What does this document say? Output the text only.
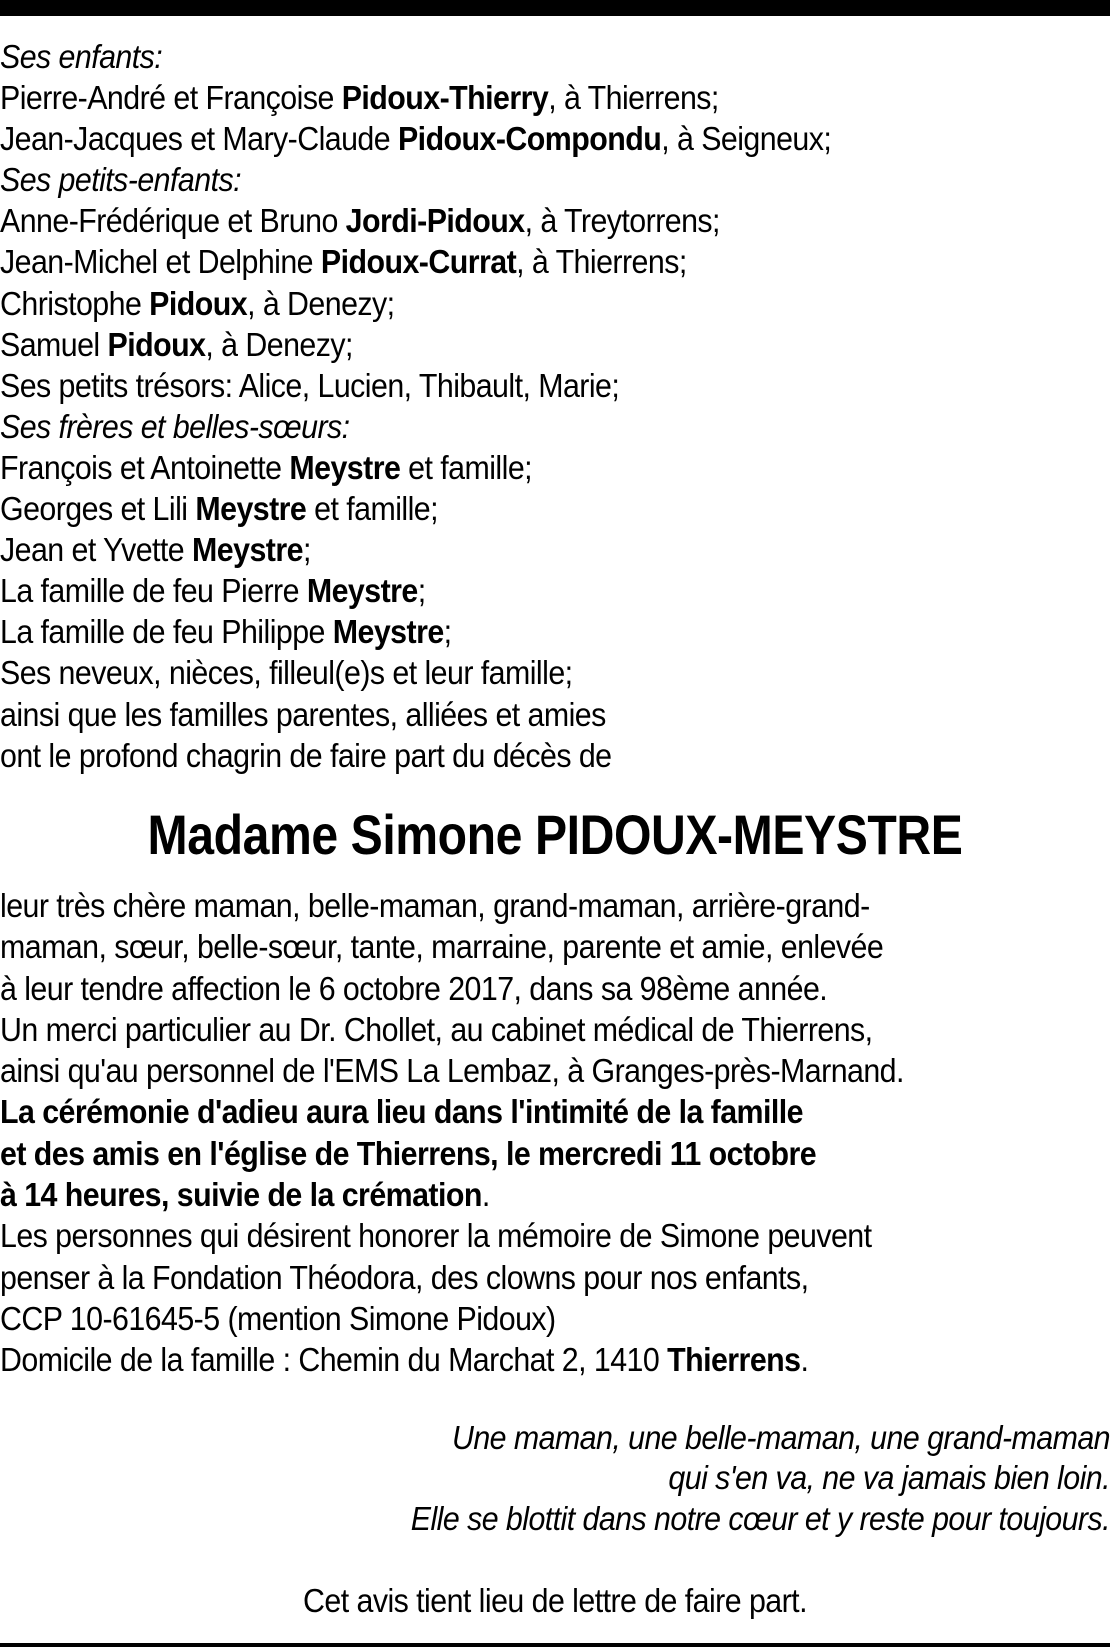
Ses enfants:
Pierre-André et Françoise Pidoux-Thierry, à Thierrens;
Jean-Jacques et Mary-Claude Pidoux-Compondu, à Seigneux;
Ses petits-enfants:
Anne-Frédérique et Bruno Jordi-Pidoux, à Treytorrens;
Jean-Michel et Delphine Pidoux-Currat, à Thierrens;
Christophe Pidoux, à Denezy;
Samuel Pidoux, à Denezy;
Ses petits trésors: Alice, Lucien, Thibault, Marie;
Ses frères et belles-sœurs:
François et Antoinette Meystre et famille;
Georges et Lili Meystre et famille;
Jean et Yvette Meystre;
La famille de feu Pierre Meystre;
La famille de feu Philippe Meystre;
Ses neveux, nièces, filleul(e)s et leur famille;
ainsi que les familles parentes, alliées et amies
ont le profond chagrin de faire part du décès de
Madame Simone PIDOUX-MEYSTRE
leur très chère maman, belle-maman, grand-maman, arrière-grand-
maman, sœur, belle-sœur, tante, marraine, parente et amie, enlevée
à leur tendre affection le 6 octobre 2017, dans sa 98ème année.
Un merci particulier au Dr. Chollet, au cabinet médical de Thierrens,
ainsi qu'au personnel de l'EMS La Lembaz, à Granges-près-Marnand.
La cérémonie d'adieu aura lieu dans l'intimité de la famille
et des amis en l'église de Thierrens, le mercredi 11 octobre
à 14 heures, suivie de la crémation.
Les personnes qui désirent honorer la mémoire de Simone peuvent
penser à la Fondation Théodora, des clowns pour nos enfants,
CCP 10-61645-5 (mention Simone Pidoux)
Domicile de la famille : Chemin du Marchat 2, 1410 Thierrens.
Une maman, une belle-maman, une grand-maman
qui s'en va, ne va jamais bien loin.
Elle se blottit dans notre cœur et y reste pour toujours.
Cet avis tient lieu de lettre de faire part.
